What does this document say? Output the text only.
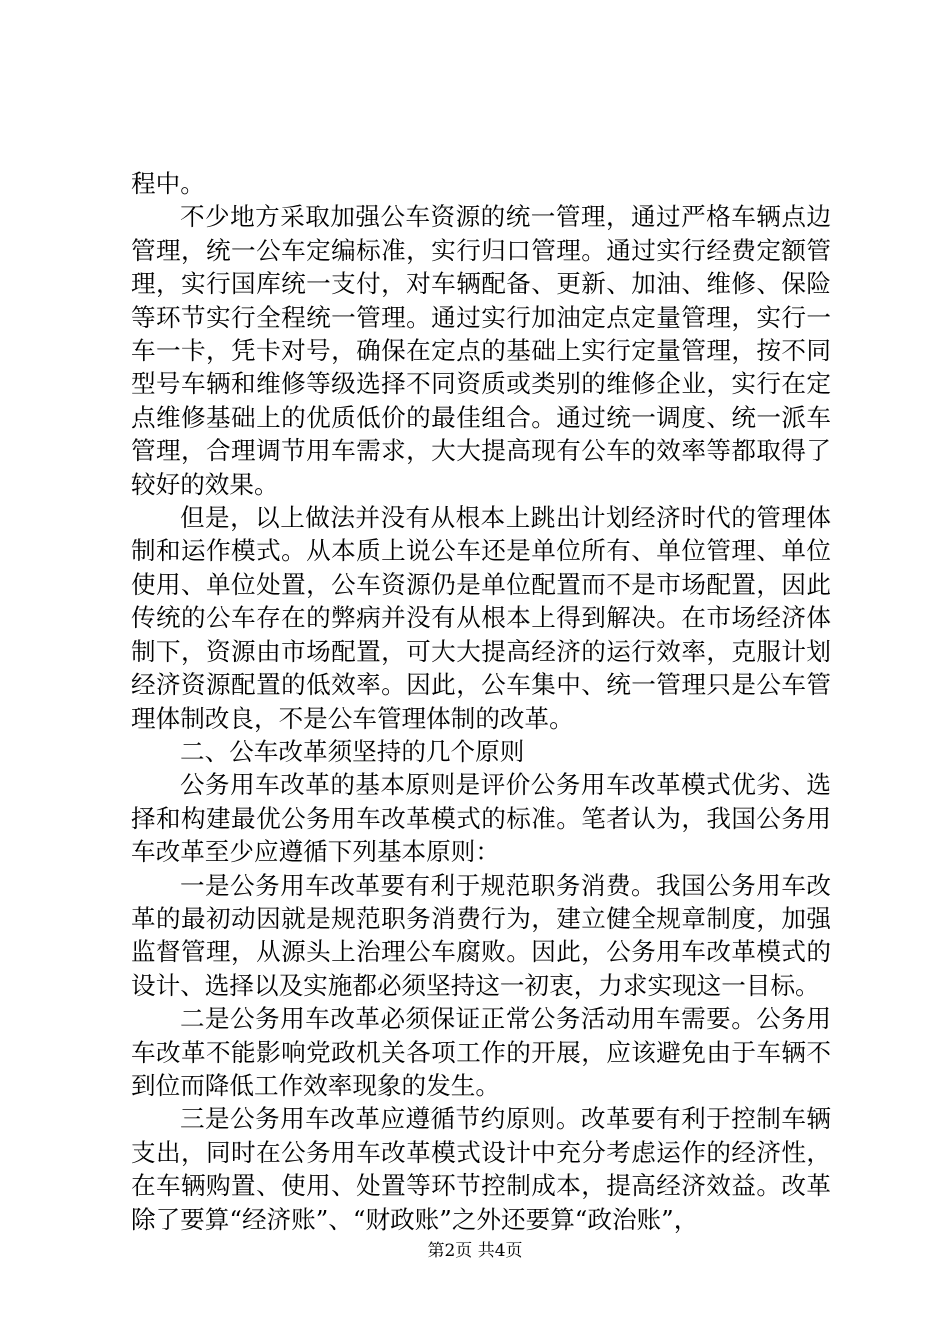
程中。

不少地方采取加强公车资源的统一管理，通过严格车辆点边管理，统一公车定编标准，实行归口管理。通过实行经费定额管理，实行国库统一支付，对车辆配备、更新、加油、维修、保险等环节实行全程统一管理。通过实行加油定点定量管理，实行一车一卡，凭卡对号，确保在定点的基础上实行定量管理，按不同型号车辆和维修等级选择不同资质或类别的维修企业，实行在定点维修基础上的优质低价的最佳组合。通过统一调度、统一派车管理，合理调节用车需求，大大提高现有公车的效率等都取得了较好的效果。

但是，以上做法并没有从根本上跳出计划经济时代的管理体制和运作模式。从本质上说公车还是单位所有、单位管理、单位使用、单位处置，公车资源仍是单位配置而不是市场配置，因此传统的公车存在的弊病并没有从根本上得到解决。在市场经济体制下，资源由市场配置，可大大提高经济的运行效率，克服计划经济资源配置的低效率。因此，公车集中、统一管理只是公车管理体制改良，不是公车管理体制的改革。

二、公车改革须坚持的几个原则

公务用车改革的基本原则是评价公务用车改革模式优劣、选择和构建最优公务用车改革模式的标准。笔者认为，我国公务用车改革至少应遵循下列基本原则：

一是公务用车改革要有利于规范职务消费。我国公务用车改革的最初动因就是规范职务消费行为，建立健全规章制度，加强监督管理，从源头上治理公车腐败。因此，公务用车改革模式的设计、选择以及实施都必须坚持这一初衷，力求实现这一目标。

二是公务用车改革必须保证正常公务活动用车需要。公务用车改革不能影响党政机关各项工作的开展，应该避免由于车辆不到位而降低工作效率现象的发生。

三是公务用车改革应遵循节约原则。改革要有利于控制车辆支出，同时在公务用车改革模式设计中充分考虑运作的经济性，在车辆购置、使用、处置等环节控制成本，提高经济效益。改革除了要算“经济账”、“财政账”之外还要算“政治账”，

第2页 共4页
